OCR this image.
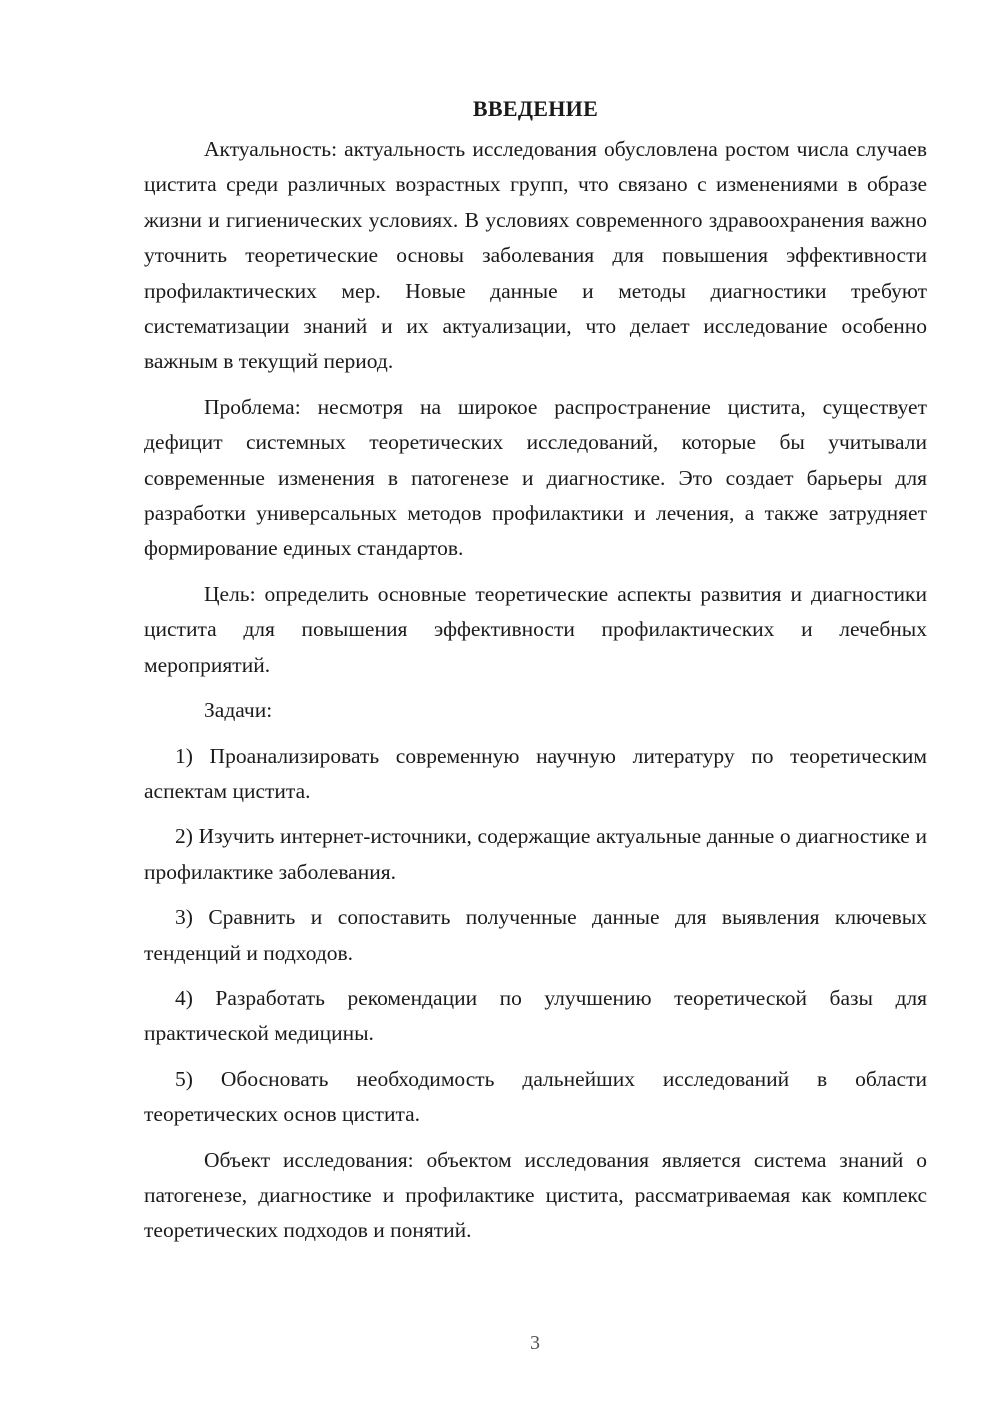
ВВЕДЕНИЕ

Актуальность: актуальность исследования обусловлена ростом числа случаев цистита среди различных возрастных групп, что связано с изменениями в образе жизни и гигиенических условиях. В условиях современного здравоохранения важно уточнить теоретические основы заболевания для повышения эффективности профилактических мер. Новые данные и методы диагностики требуют систематизации знаний и их актуализации, что делает исследование особенно важным в текущий период.

Проблема: несмотря на широкое распространение цистита, существует дефицит системных теоретических исследований, которые бы учитывали современные изменения в патогенезе и диагностике. Это создает барьеры для разработки универсальных методов профилактики и лечения, а также затрудняет формирование единых стандартов.

Цель: определить основные теоретические аспекты развития и диагностики цистита для повышения эффективности профилактических и лечебных мероприятий.

Задачи:

1) Проанализировать современную научную литературу по теоретическим аспектам цистита.

2) Изучить интернет-источники, содержащие актуальные данные о диагностике и профилактике заболевания.

3) Сравнить и сопоставить полученные данные для выявления ключевых тенденций и подходов.

4) Разработать рекомендации по улучшению теоретической базы для практической медицины.

5) Обосновать необходимость дальнейших исследований в области теоретических основ цистита.

Объект исследования: объектом исследования является система знаний о патогенезе, диагностике и профилактике цистита, рассматриваемая как комплекс теоретических подходов и понятий.

3
